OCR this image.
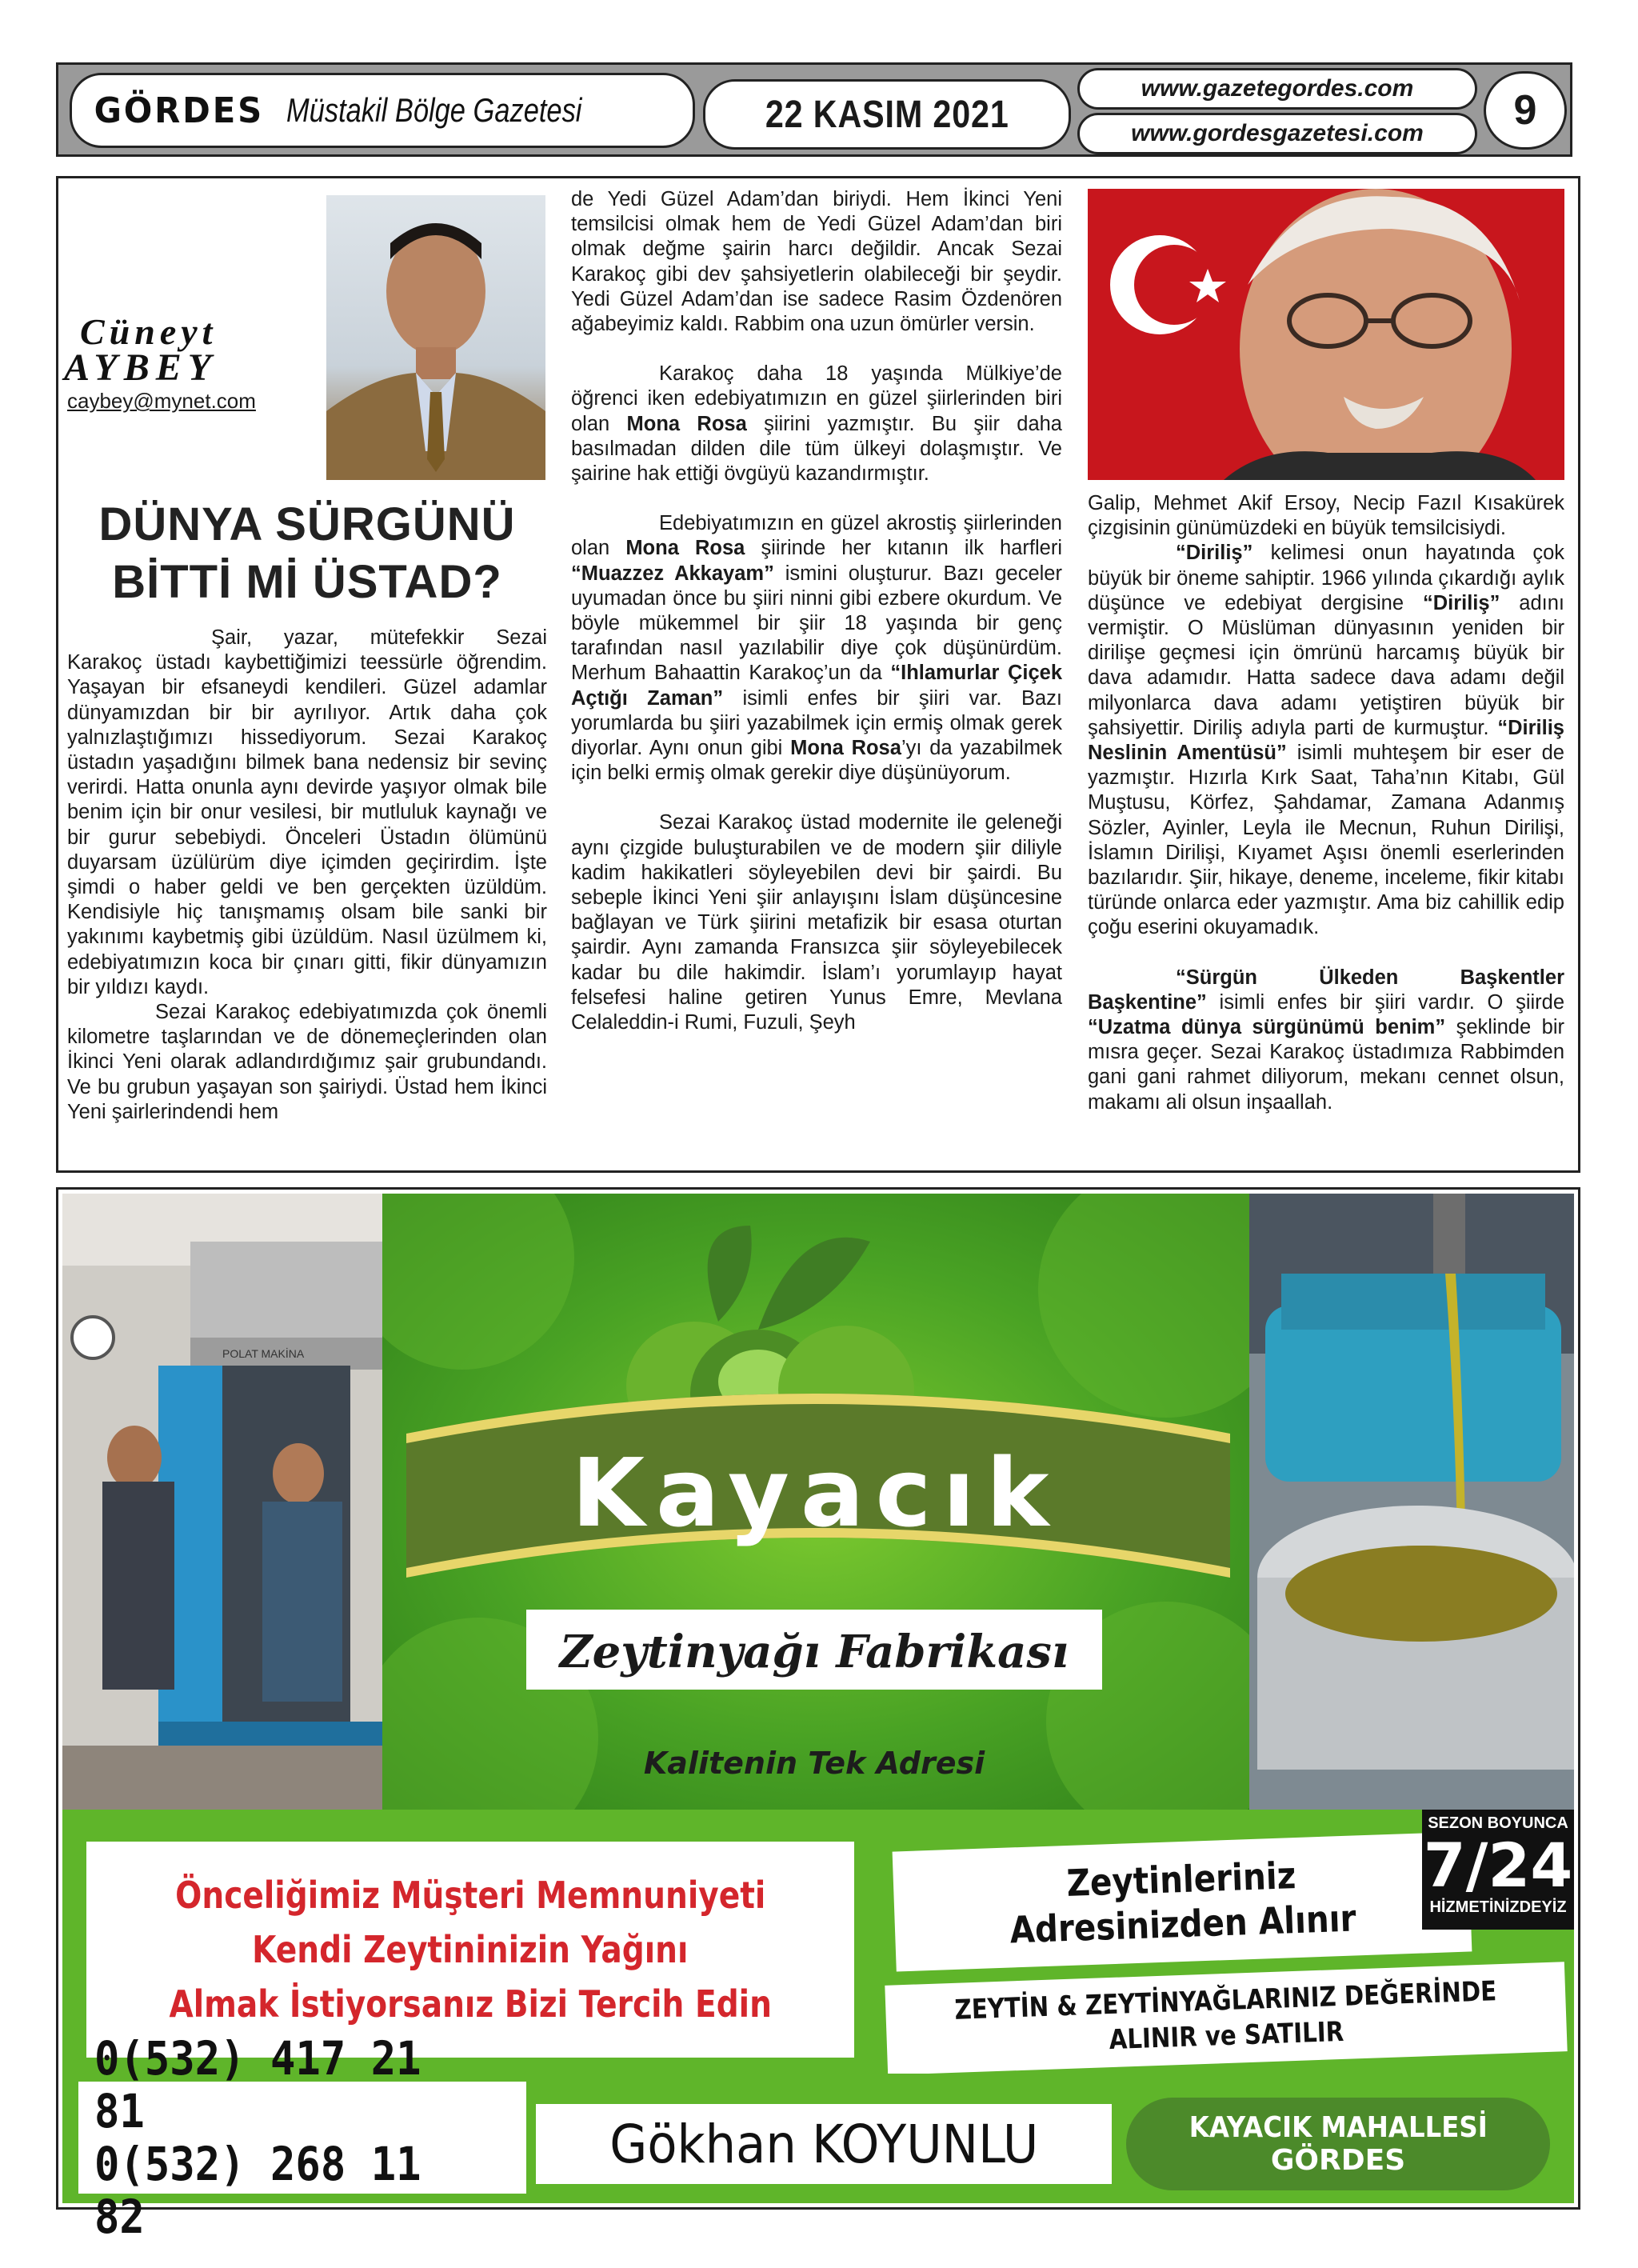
GÖRDES Müstakil Bölge Gazetesi	22 KASIM 2021
www.gazetegordes.com
www.gordesgazetesi.com 9
Cüneyt
AYBEY
caybey@mynet.com
DÜNYA SÜRGÜNÜ
BİTTİ Mİ ÜSTAD?

Şair, yazar, mütefekkir Sezai Karakoç üstadı kaybettiğimizi teessürle öğrendim. Yaşayan bir efsaneydi kendileri. Güzel adamlar dünyamızdan bir bir ayrılıyor. Artık daha çok yalnızlaştığımızı hissediyorum. Sezai Karakoç üstadın yaşadığını bilmek bana nedensiz bir sevinç verirdi. Hatta onunla aynı devirde yaşıyor olmak bile benim için bir onur vesilesi, bir mutluluk kaynağı ve bir gurur sebebiydi. Önceleri Üstadın ölümünü duyarsam üzülürüm diye içimden geçirirdim. İşte şimdi o haber geldi ve ben gerçekten üzüldüm. Kendisiyle hiç tanışmamış olsam bile sanki bir yakınımı kaybetmiş gibi üzüldüm. Nasıl üzülmem ki, edebiyatımızın koca bir çınarı gitti, fikir dünyamızın bir yıldızı kaydı.

Sezai Karakoç edebiyatımızda çok önemli kilometre taşlarından ve de dönemeçlerinden olan İkinci Yeni olarak adlandırdığımız şair grubundandı. Ve bu grubun yaşayan son şairiydi. Üstad hem İkinci Yeni şairlerindendi hem

de Yedi Güzel Adam’dan biriydi. Hem İkinci Yeni temsilcisi olmak hem de Yedi Güzel Adam’dan biri olmak değme şairin harcı değildir. Ancak Sezai Karakoç gibi dev şahsiyetlerin olabileceği bir şeydir. Yedi Güzel Adam’dan ise sadece Rasim Özdenören ağabeyimiz kaldı. Rabbim ona uzun ömürler versin.

Karakoç daha 18 yaşında Mülkiye’de öğrenci iken edebiyatımızın en güzel şiirlerinden biri olan Mona Rosa şiirini yazmıştır. Bu şiir daha basılmadan dilden dile tüm ülkeyi dolaşmıştır. Ve şairine hak ettiği övgüyü kazandırmıştır.

Edebiyatımızın en güzel akrostiş şiirlerinden olan Mona Rosa şiirinde her kıtanın ilk harfleri “Muazzez Akkayam” ismini oluşturur. Bazı geceler uyumadan önce bu şiiri ninni gibi ezbere okurdum. Ve böyle mükemmel bir şiir 18 yaşında bir genç tarafından nasıl yazılabilir diye çok düşünürdüm. Merhum Bahaattin Karakoç’un da “Ihlamurlar Çiçek Açtığı Zaman” isimli enfes bir şiiri var. Bazı yorumlarda bu şiiri yazabilmek için ermiş olmak gerek diyorlar. Aynı onun gibi Mona Rosa’yı da yazabilmek için belki ermiş olmak gerekir diye düşünüyorum.

Sezai Karakoç üstad modernite ile geleneği aynı çizgide buluşturabilen ve de modern şiir diliyle kadim hakikatleri söyleyebilen devi bir şairdi. Bu sebeple İkinci Yeni şiir anlayışını İslam düşüncesine bağlayan ve Türk şiirini metafizik bir esasa oturtan şairdir. Aynı zamanda Fransızca şiir söyleyebilecek kadar bu dile hakimdir. İslam’ı yorumlayıp hayat felsefesi haline getiren Yunus Emre, Mevlana Celaleddin-i Rumi, Fuzuli, Şeyh

Galip, Mehmet Akif Ersoy, Necip Fazıl Kısakürek çizgisinin günümüzdeki en büyük temsilcisiydi.

“Diriliş” kelimesi onun hayatında çok büyük bir öneme sahiptir. 1966 yılında çıkardığı aylık düşünce ve edebiyat dergisine “Diriliş” adını vermiştir. O Müslüman dünyasının yeniden bir dirilişe geçmesi için ömrünü harcamış büyük bir dava adamıdır. Hatta sadece dava adamı değil milyonlarca dava adamı yetiştiren büyük bir şahsiyettir. Diriliş adıyla parti de kurmuştur. “Diriliş Neslinin Amentüsü” isimli muhteşem bir eser de yazmıştır. Hızırla Kırk Saat, Taha’nın Kitabı, Gül Muştusu, Körfez, Şahdamar, Zamana Adanmış Sözler, Ayinler, Leyla ile Mecnun, Ruhun Dirilişi, İslamın Dirilişi, Kıyamet Aşısı önemli eserlerinden bazılarıdır. Şiir, hikaye, deneme, inceleme, fikir kitabı türünde onlarca eder yazmıştır. Ama biz cahillik edip çoğu eserini okuyamadık.

“Sürgün Ülkeden Başkentler Başkentine” isimli enfes bir şiiri vardır. O şiirde “Uzatma dünya sürgünümü benim” şeklinde bir mısra geçer. Sezai Karakoç üstadımıza Rabbimden gani gani rahmet diliyorum, mekanı cennet olsun, makamı ali olsun inşaallah.

POLAT MAKİNA
Kayacık
Zeytinyağı Fabrikası
Kalitenin Tek Adresi
Önceliğimiz Müşteri Memnuniyeti
Kendi Zeytininizin Yağını
Almak İstiyorsanız Bizi Tercih Edin
Zeytinleriniz
Adresinizden Alınır
SEZON BOYUNCA
7/24
HİZMETİNİZDEYİZ
ZEYTİN & ZEYTİNYAĞLARINIZ DEĞERİNDE
ALINIR ve SATILIR
0(532) 417 21 81
0(532) 268 11 82
Gökhan KOYUNLU	KAYACIK MAHALLESİ
GÖRDES
